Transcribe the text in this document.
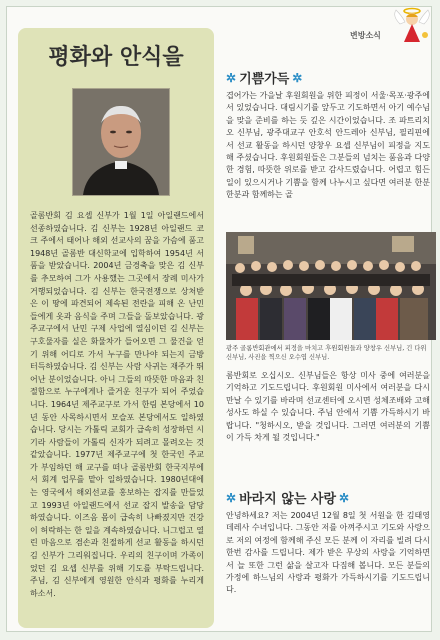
변방소식
평화와 안식을

골롬반회 김 요셉 신부가 1월 1일 아일랜드에서 선종하였습니다. 김 신부는 1928년 아일랜드 코크 주에서 태어나 해외 선교사의 꿈을 가슴에 품고 1948년 골롬반 대신학교에 입학하여 1954년 서품을 받았습니다. 2004년 금경축을 맞은 김 신부를 추모하여 그가 사용했는 그곳에서 장례 미사가 거행되었습니다. 김 신부는 한국전쟁으로 상처받은 이 땅에 파견되어 제속된 전란을 피해 온 난민들에게 옷과 음식을 주며 그들을 돌보았습니다. 광주교구에서 난민 구제 사업에 열심이던 김 신부는 구호물자를 실은 화물차가 들어오면 그 물건을 얻기 위해 어디로 가서 누구를 만나야 되는지 금방 터득하였습니다. 김 신부는 사람 사귀는 재주가 뛰어난 분이었습니다. 아니 그들의 따뜻한 마음과 친절함으로 누구에게나 즐거운 친구가 되어 주었습니다. 1964년 제주교구로 가서 한림 본당에서 10년 동안 사목하시면서 모슬포 본당에서도 일하였습니다. 당시는 가톨릭 교회가 급속히 성장하던 시기라 사람들이 가톨릭 신자가 되려고 몰려오는 것 같았습니다. 1977년 제주교구에 첫 한국인 주교가 부임하던 해 교구를 떠나 골롬반회 한국지부에서 회계 업무를 맡아 일하였습니다. 1980년대에는 영국에서 해외선교를 홍보하는 잡지를 만들었고 1993년 아일랜드에서 선교 잡지 발송을 담당하였습니다. 이즈음 몸이 급속히 나빠졌지만 건강이 허락하는 한 일을 계속하였습니다. 니그럽고 열린 마음으로 겸손과 친절하게 선교 활동을 하시던 김 신부가 그리워집니다. 우리의 친구이며 가족이었던 김 요셉 신부를 위해 기도를 부탁드립니다. 주님, 김 신부에게 영원한 안식과 평화를 누리게 하소서.

✲ 기쁨가득 ✲

겹어가는 가을날 후원회원을 위한 피정이 서울·목포·광주에서 있었습니다. 대림시기를 앞두고 기도하면서 아기 예수님을 맞을 준비를 하는 듯 깊은 시간이었습니다. 조 파트리치오 신부님, 광주대교구 안호석 안드레아 신부님, 필리핀에서 선교 활동을 하시던 양창우 요셉 신부님이 피정을 지도해 주셨습니다. 후원회원들은 그분들의 넘치는 품음과 다양한 경험, 따뜻한 위로를 받고 감사드렸습니다. 어렵고 힘든 일이 있으시거나 기쁨을 함께 나누시고 싶다면 여러분 한분한분과 함께하는 골

광주 골롬반회관에서 피정을 마치고 후원회원들과 양창우 신부님, 긴 다위 신부님, 사진을 찍으신 오수엽 신부님.

롬반회로 오십시오. 신부님들은 항상 미사 중에 여러분을 기억하고 기도드립니다. 후원회원 미사에서 여러분을 다시 만날 수 있기를 바라며 선교센터에 오시면 성체조배와 고해성사도 하실 수 있습니다. 주님 안에서 기쁨 가득하시기 바랍니다. "청하시오, 받을 것입니다. 그러면 여러분의 기쁨이 가득 차게 될 것입니다."

✲ 바라지 않는 사랑 ✲

안녕하세요? 저는 2004년 12월 8일 첫 서원을 한 김태영 데레사 수녀입니다. 그동안 저를 아껴주시고 기도와 사랑으로 저의 여정에 함께해 주신 모든 분께 이 자리를 빌려 다시 한번 감사를 드립니다. 제가 받은 무상의 사랑을 기억하면서 늘 또한 그런 삶을 살고자 다짐해 봅니다. 모든 분들의 가정에 하느님의 사랑과 평화가 가득하시기를 기도드립니다.
